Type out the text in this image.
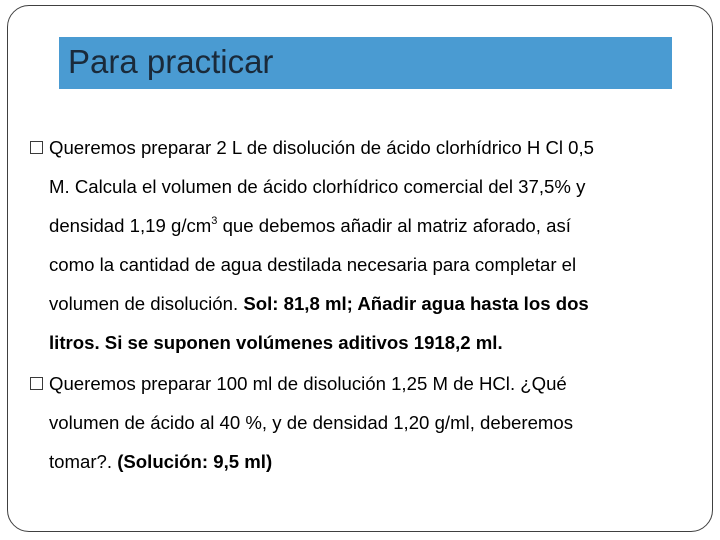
Para practicar
Queremos preparar 2 L de disolución de ácido clorhídrico H Cl 0,5
M. Calcula el volumen de ácido clorhídrico comercial del 37,5% y
densidad 1,19 $g/cm^3$ que debemos añadir al matriz aforado, así
como la cantidad de agua destilada necesaria para completar el
volumen de disolución. Sol: 81,8 ml; Añadir agua hasta los dos
litros. Si se suponen volúmenes aditivos 1918,2 ml.
Queremos preparar 100 ml de disolución 1,25 M de HCl. ¿Qué
volumen de ácido al 40 %, y de densidad 1,20 g/ml, deberemos
tomar?. (Solución: 9,5 ml)
